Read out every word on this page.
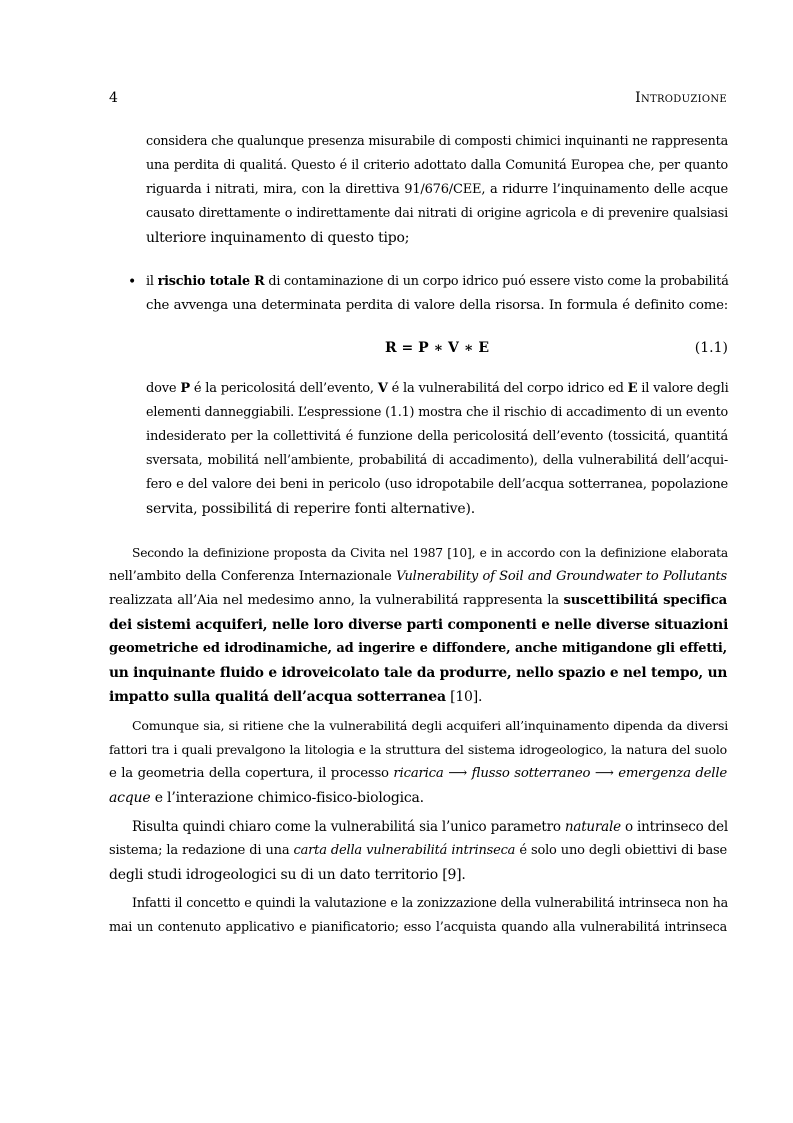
4	Introduzione
considera che qualunque presenza misurabile di composti chimici inquinanti ne rappresenta
una perdita di qualitá. Questo é il criterio adottato dalla Comunitá Europea che, per quanto
riguarda i nitrati, mira, con la direttiva 91/676/CEE, a ridurre l’inquinamento delle acque
causato direttamente o indirettamente dai nitrati di origine agricola e di prevenire qualsiasi
ulteriore inquinamento di questo tipo;
• il rischio totale R di contaminazione di un corpo idrico puó essere visto come la probabilitá
che avvenga una determinata perdita di valore della risorsa. In formula é definito come:
R = P ∗ V ∗ E	(1.1)
dove P é la pericolositá dell’evento, V é la vulnerabilitá del corpo idrico ed E il valore degli
elementi danneggiabili. L’espressione (1.1) mostra che il rischio di accadimento di un evento
indesiderato per la collettivitá é funzione della pericolositá dell’evento (tossicitá, quantitá
sversata, mobilitá nell’ambiente, probabilitá di accadimento), della vulnerabilitá dell’acqui-
fero e del valore dei beni in pericolo (uso idropotabile dell’acqua sotterranea, popolazione
servita, possibilitá di reperire fonti alternative).
Secondo la definizione proposta da Civita nel 1987 [10], e in accordo con la definizione elaborata
nell’ambito della Conferenza Internazionale Vulnerability of Soil and Groundwater to Pollutants
realizzata all’Aia nel medesimo anno, la vulnerabilitá rappresenta la suscettibilitá specifica
dei sistemi acquiferi, nelle loro diverse parti componenti e nelle diverse situazioni
geometriche ed idrodinamiche, ad ingerire e diffondere, anche mitigandone gli effetti,
un inquinante fluido e idroveicolato tale da produrre, nello spazio e nel tempo, un
impatto sulla qualitá dell’acqua sotterranea [10].
Comunque sia, si ritiene che la vulnerabilitá degli acquiferi all’inquinamento dipenda da diversi
fattori tra i quali prevalgono la litologia e la struttura del sistema idrogeologico, la natura del suolo
e la geometria della copertura, il processo ricarica ⟶ flusso sotterraneo ⟶ emergenza delle
acque e l’interazione chimico-fisico-biologica.
Risulta quindi chiaro come la vulnerabilitá sia l’unico parametro naturale o intrinseco del
sistema; la redazione di una carta della vulnerabilitá intrinseca é solo uno degli obiettivi di base
degli studi idrogeologici su di un dato territorio [9].
Infatti il concetto e quindi la valutazione e la zonizzazione della vulnerabilitá intrinseca non ha
mai un contenuto applicativo e pianificatorio; esso l’acquista quando alla vulnerabilitá intrinseca
